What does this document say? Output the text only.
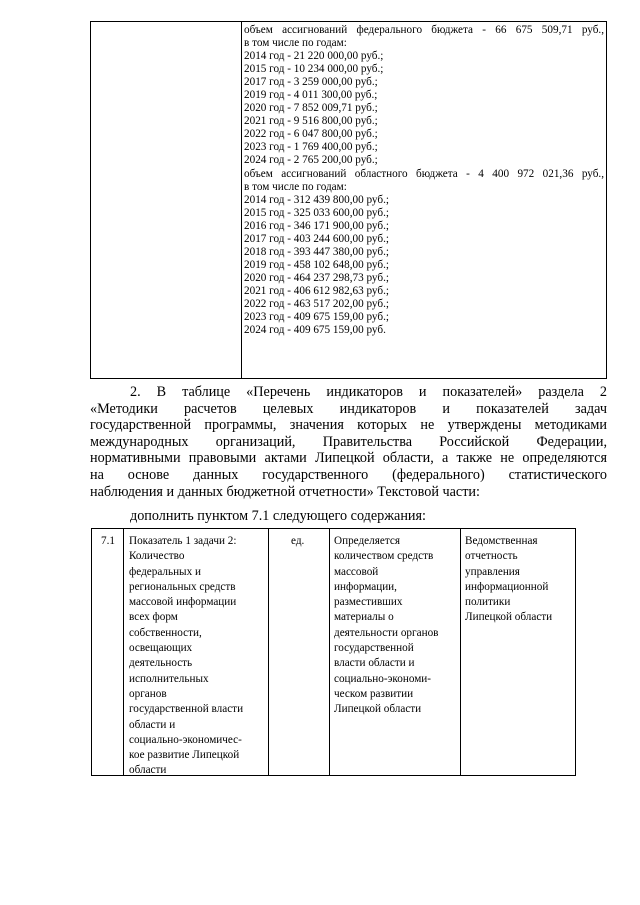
объем ассигнований федерального бюджета - 66 675 509,71 руб.,
в том числе по годам:
2014 год - 21 220 000,00 руб.;
2015 год - 10 234 000,00 руб.;
2017 год - 3 259 000,00 руб.;
2019 год - 4 011 300,00 руб.;
2020 год - 7 852 009,71 руб.;
2021 год - 9 516 800,00 руб.;
2022 год - 6 047 800,00 руб.;
2023 год - 1 769 400,00 руб.;
2024 год - 2 765 200,00 руб.;
объем ассигнований областного бюджета - 4 400 972 021,36 руб.,
в том числе по годам:
2014 год - 312 439 800,00 руб.;
2015 год - 325 033 600,00 руб.;
2016 год - 346 171 900,00 руб.;
2017 год - 403 244 600,00 руб.;
2018 год - 393 447 380,00 руб.;
2019 год - 458 102 648,00 руб.;
2020 год - 464 237 298,73 руб.;
2021 год - 406 612 982,63 руб.;
2022 год - 463 517 202,00 руб.;
2023 год - 409 675 159,00 руб.;
2024 год - 409 675 159,00 руб.
2. В таблице «Перечень индикаторов и показателей» раздела 2
«Методики расчетов целевых индикаторов и показателей задач
государственной программы, значения которых не утверждены методиками
международных организаций, Правительства Российской Федерации,
нормативными правовыми актами Липецкой области, а также не определяются
на основе данных государственного (федерального) статистического
наблюдения и данных бюджетной отчетности» Текстовой части:
дополнить пунктом 7.1 следующего содержания:
7.1 Показатель 1 задачи 2:
Количество
федеральных и
региональных средств
массовой информации
всех форм
собственности,
освещающих
деятельность
исполнительных
органов
государственной власти
области и
социально-экономичес-
кое развитие Липецкой
области
ед.	Определяется
количеством средств
массовой
информации,
разместивших
материалы о
деятельности органов
государственной
власти области и
социально-экономи-
ческом развитии
Липецкой области
Ведомственная
отчетность
управления
информационной
политики
Липецкой области
